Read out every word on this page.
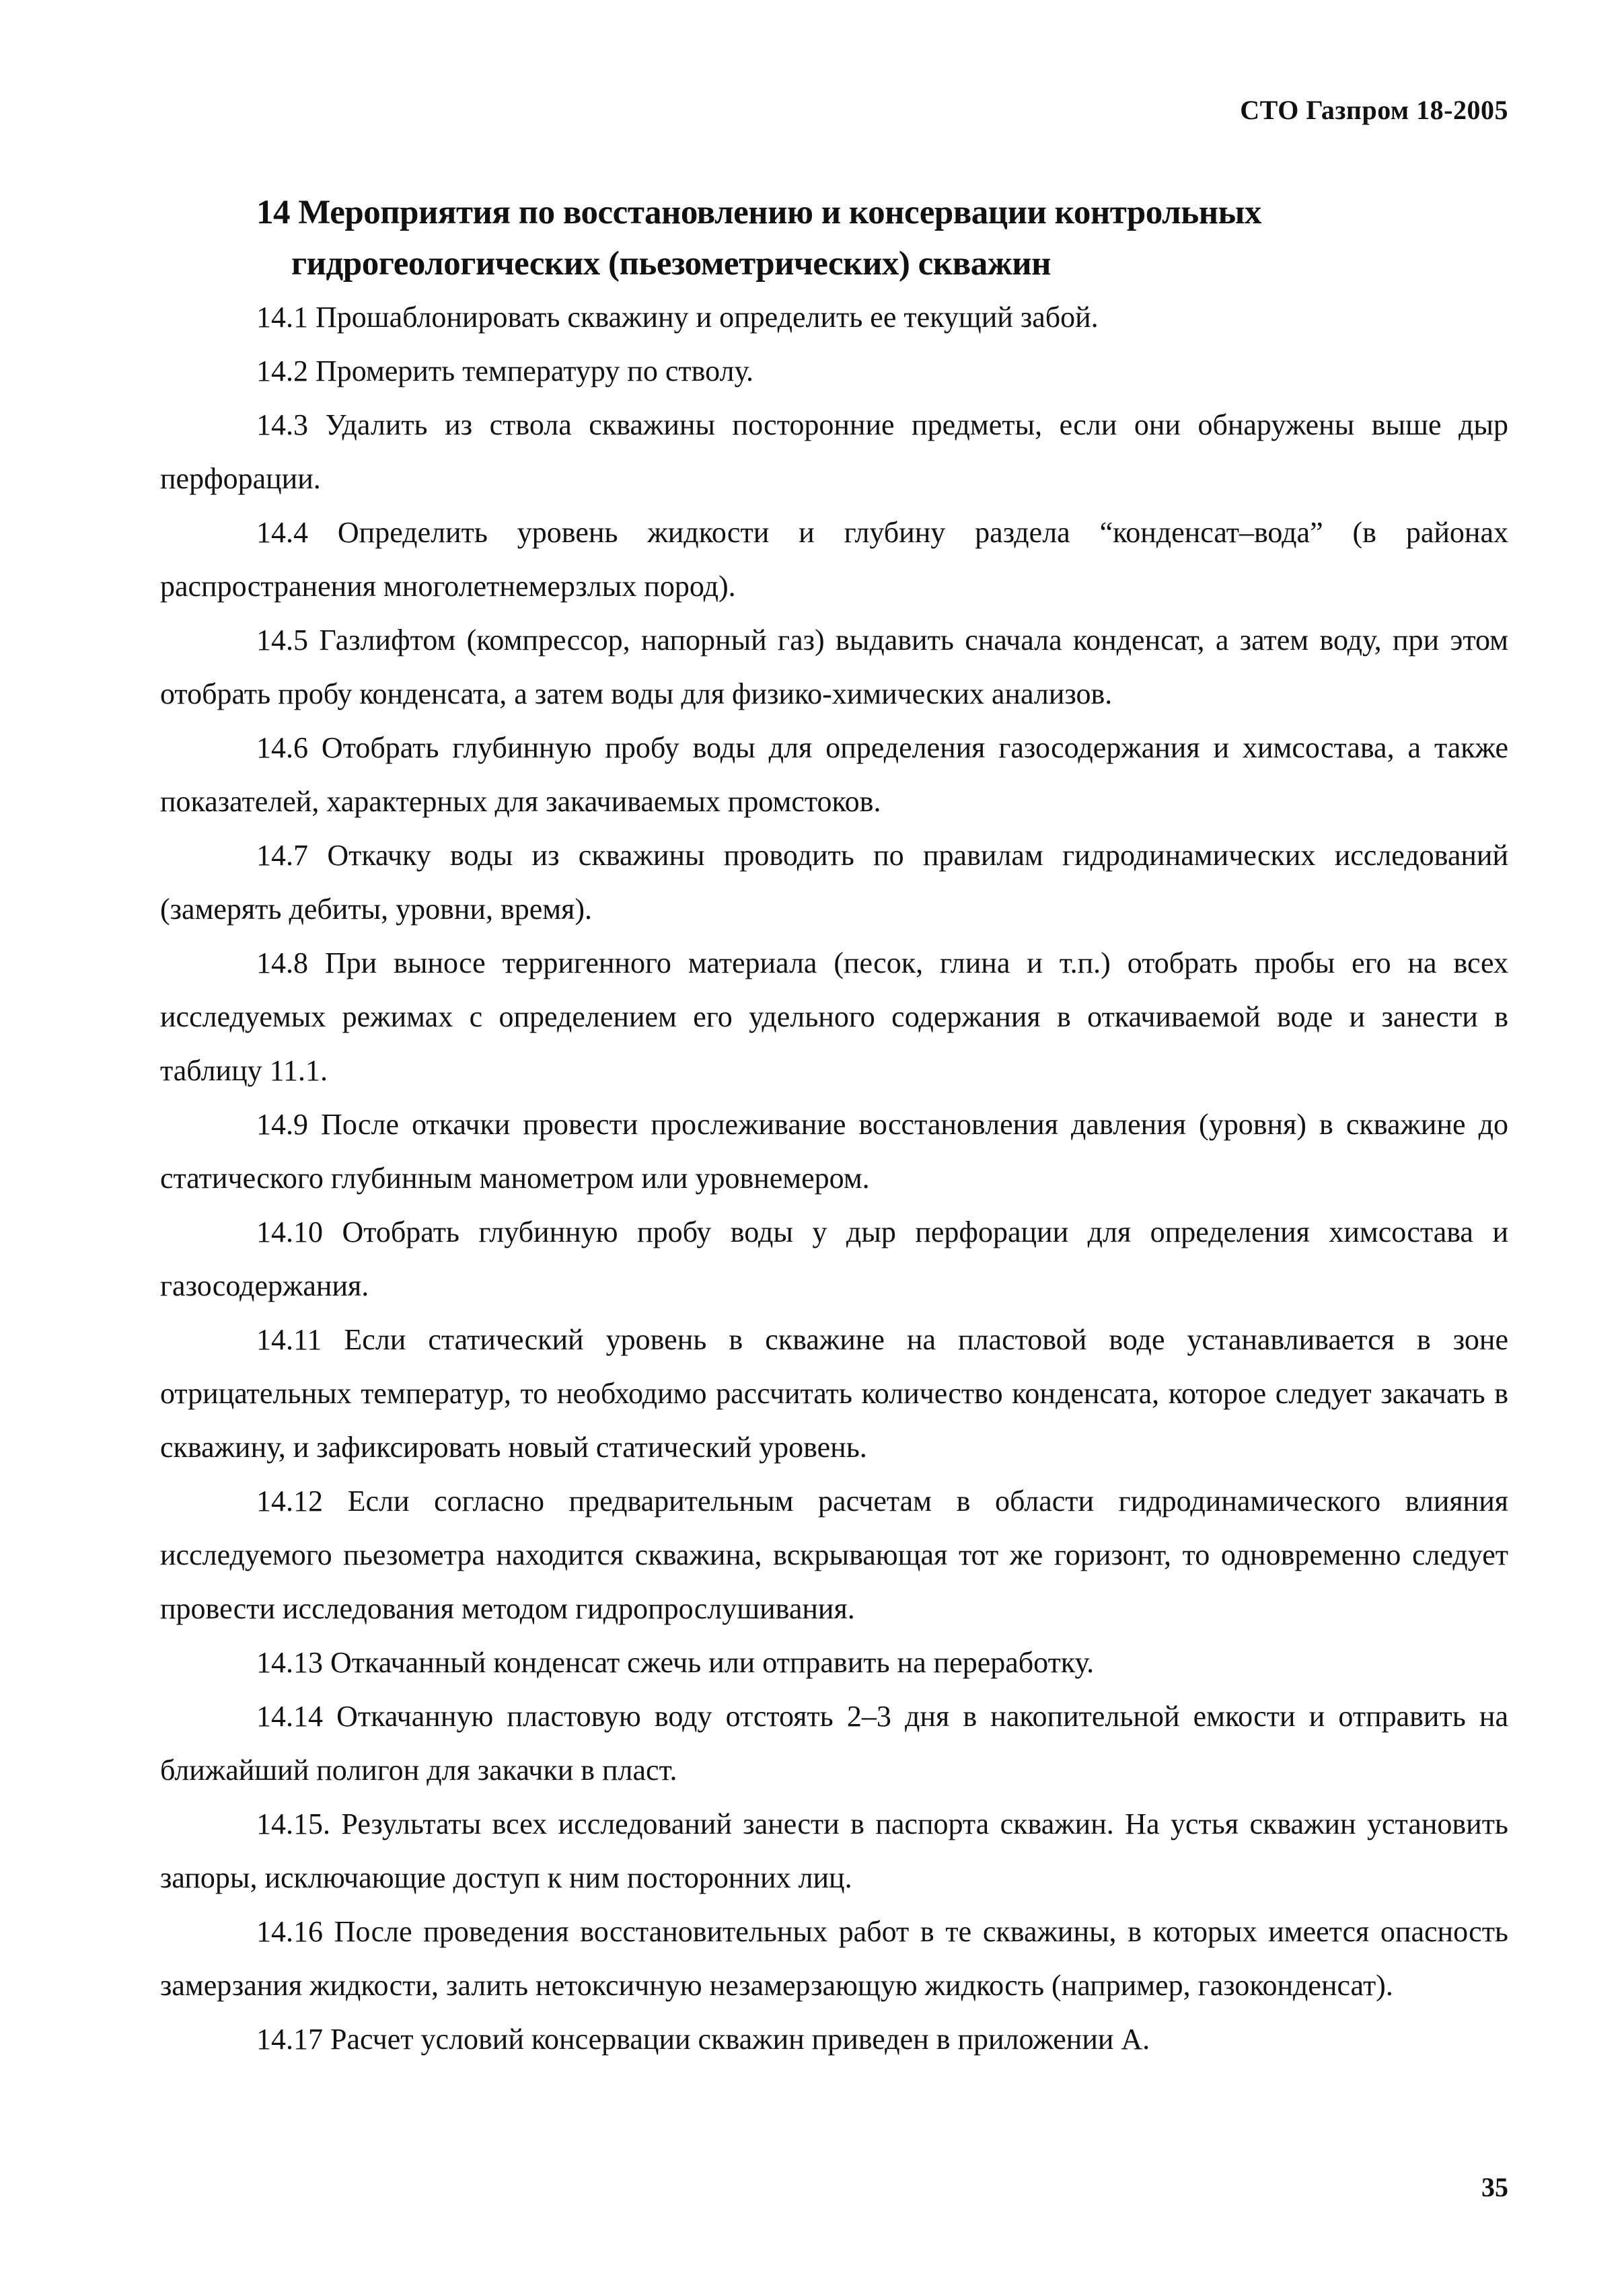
СТО Газпром 18-2005
14 Мероприятия по восстановлению и консервации контрольных
гидрогеологических (пьезометрических) скважин

14.1 Прошаблонировать скважину и определить ее текущий забой.

14.2 Промерить температуру по стволу.

14.3 Удалить из ствола скважины посторонние предметы, если они обнаружены выше дыр перфорации.

14.4 Определить уровень жидкости и глубину раздела “конденсат–вода” (в районах распространения многолетнемерзлых пород).

14.5 Газлифтом (компрессор, напорный газ) выдавить сначала конденсат, а затем воду, при этом отобрать пробу конденсата, а затем воды для физико-химических анализов.

14.6 Отобрать глубинную пробу воды для определения газосодержания и химсостава, а также показателей, характерных для закачиваемых промстоков.

14.7 Откачку воды из скважины проводить по правилам гидродинамических исследований (замерять дебиты, уровни, время).

14.8 При выносе терригенного материала (песок, глина и т.п.) отобрать пробы его на всех исследуемых режимах с определением его удельного содержания в откачиваемой воде и занести в таблицу 11.1.

14.9 После откачки провести прослеживание восстановления давления (уровня) в скважине до статического глубинным манометром или уровнемером.

14.10 Отобрать глубинную пробу воды у дыр перфорации для определения химсостава и газосодержания.

14.11 Если статический уровень в скважине на пластовой воде устанавливается в зоне отрицательных температур, то необходимо рассчитать количество конденсата, которое следует закачать в скважину, и зафиксировать новый статический уровень.

14.12 Если согласно предварительным расчетам в области гидродинамического влияния исследуемого пьезометра находится скважина, вскрывающая тот же горизонт, то одновременно следует провести исследования методом гидропрослушивания.

14.13 Откачанный конденсат сжечь или отправить на переработку.

14.14 Откачанную пластовую воду отстоять 2–3 дня в накопительной емкости и отправить на ближайший полигон для закачки в пласт.

14.15. Результаты всех исследований занести в паспорта скважин. На устья скважин установить запоры, исключающие доступ к ним посторонних лиц.

14.16 После проведения восстановительных работ в те скважины, в которых имеется опасность замерзания жидкости, залить нетоксичную незамерзающую жидкость (например, газоконденсат).

14.17 Расчет условий консервации скважин приведен в приложении А.

35
